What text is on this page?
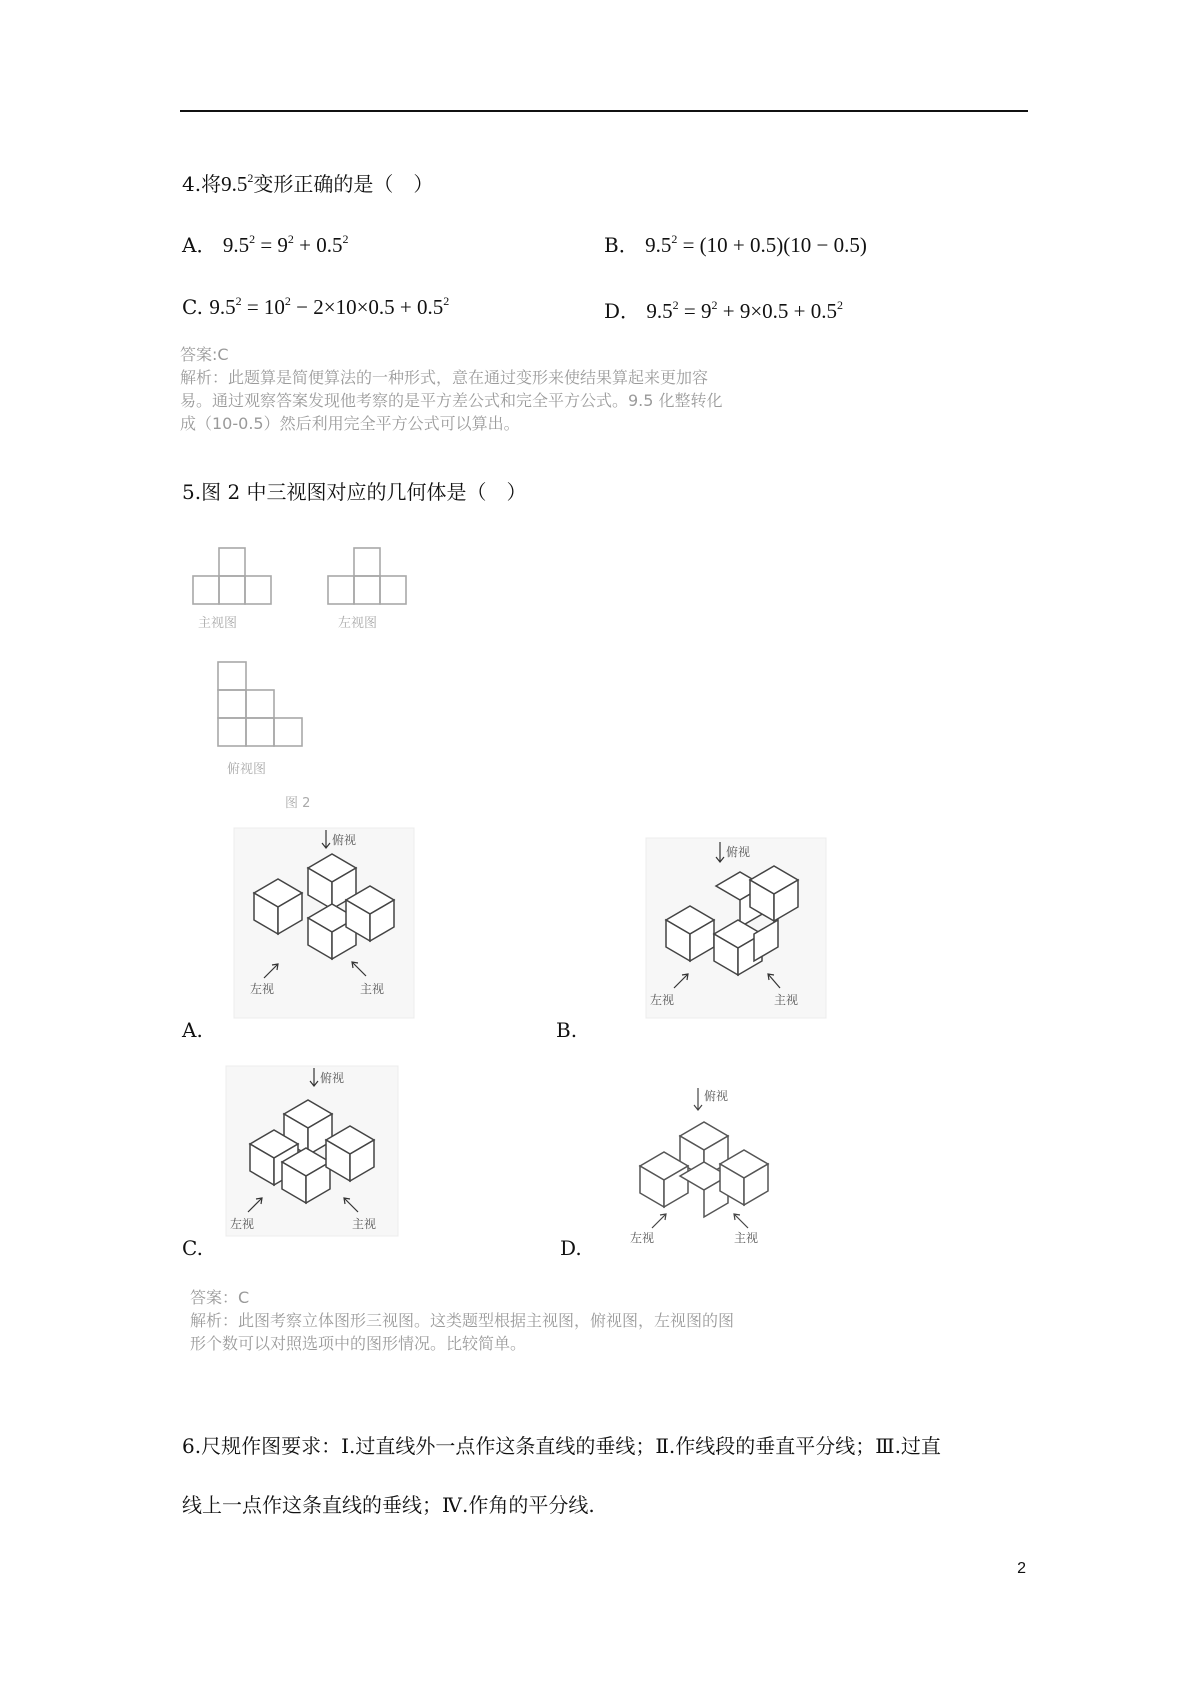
4.将$9.5^2$变形正确的是（　）
A． $9.5^2 = 9^2 + 0.5^2$	B． $9.5^2 = (10 + 0.5)(10 - 0.5)$
C. $9.5^2 = 10^2 - 2\times 10\times 0.5 + 0.5^2$	D． $9.5^2 = 9^2 + 9\times 0.5 + 0.5^2$
答案:C
解析：此题算是简便算法的一种形式，意在通过变形来使结果算起来更加容
易。通过观察答案发现他考察的是平方差公式和完全平方公式。9.5 化整转化
成（10-0.5）然后利用完全平方公式可以算出。
5.图 2 中三视图对应的几何体是（　）
主视图	左视图
俯视图
图 2
俯视
左视	主视
A.
俯视
左视	主视
B.
俯视
左视	主视
C.
俯视
左视	主视
D.
答案：C
解析：此图考察立体图形三视图。这类题型根据主视图，俯视图，左视图的图
形个数可以对照选项中的图形情况。比较简单。
6.尺规作图要求：Ⅰ.过直线外一点作这条直线的垂线；Ⅱ.作线段的垂直平分线；Ⅲ.过直
线上一点作这条直线的垂线；Ⅳ.作角的平分线.
2
